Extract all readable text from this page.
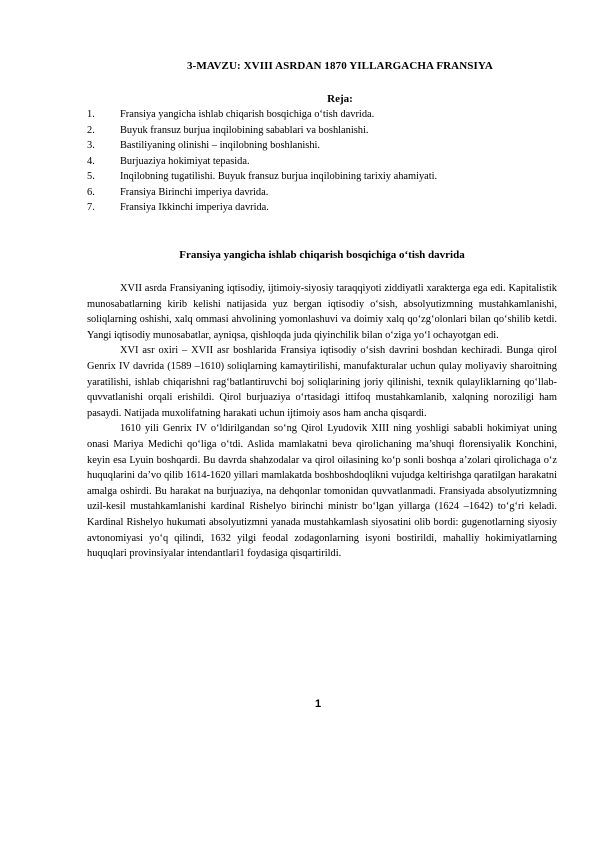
3-MAVZU: XVIII ASRDAN 1870 YILLARGACHA FRANSIYA
Reja:
1.	Fransiya yangicha ishlab chiqarish bosqichiga o‘tish davrida.
2.	Buyuk fransuz burjua inqilobining sabablari va boshlanishi.
3.	Bastiliyaning olinishi – inqilobning boshlanishi.
4.	Burjuaziya hokimiyat tepasida.
5.	Inqilobning tugatilishi. Buyuk fransuz burjua inqilobining tarixiy ahamiyati.
6.	Fransiya Birinchi imperiya davrida.
7.	Fransiya Ikkinchi imperiya davrida.
Fransiya yangicha ishlab chiqarish bosqichiga o‘tish davrida

XVII asrda Fransiyaning iqtisodiy, ijtimoiy-siyosiy taraqqiyoti ziddiyatli xarakterga ega edi. Kapitalistik munosabatlarning kirib kelishi natijasida yuz bergan iqtisodiy o‘sish, absolyutizmning mustahkamlanishi, soliqlarning oshishi, xalq ommasi ahvolining yomonlashuvi va doimiy xalq qo‘zg‘olonlari bilan qo‘shilib ketdi. Yangi iqtisodiy munosabatlar, ayniqsa, qishloqda juda qiyinchilik bilan o‘ziga yo‘l ochayotgan edi.

XVI asr oxiri – XVII asr boshlarida Fransiya iqtisodiy o‘sish davrini boshdan kechiradi. Bunga qirol Genrix IV davrida (1589 –1610) soliqlarning kamaytirilishi, manufakturalar uchun qulay moliyaviy sharoitning yaratilishi, ishlab chiqarishni rag‘batlantiruvchi boj soliqlarining joriy qilinishi, texnik qulayliklarning qo‘llab-quvvatlanishi orqali erishildi. Qirol burjuaziya o‘rtasidagi ittifoq mustahkamlanib, xalqning noroziligi ham pasaydi. Natijada muxolifatning harakati uchun ijtimoiy asos ham ancha qisqardi.

1610 yili Genrix IV o‘ldirilgandan so‘ng Qirol Lyudovik XIII ning yoshligi sababli hokimiyat uning onasi Mariya Medichi qo‘liga o‘tdi. Aslida mamlakatni beva qirolichaning ma’shuqi florensiyalik Konchini, keyin esa Lyuin boshqardi. Bu davrda shahzodalar va qirol oilasining ko‘p sonli boshqa a’zolari qirolichaga o‘z huquqlarini da’vo qilib 1614-1620 yillari mamlakatda boshboshdoqlikni vujudga keltirishga qaratilgan harakatni amalga oshirdi. Bu harakat na burjuaziya, na dehqonlar tomonidan quvvatlanmadi. Fransiyada absolyutizmning uzil-kesil mustahkamlanishi kardinal Rishelyo birinchi ministr bo‘lgan yillarga (1624 –1642) to‘g‘ri keladi. Kardinal Rishelyo hukumati absolyutizmni yanada mustahkamlash siyosatini olib bordi: gugenotlarning siyosiy avtonomiyasi yo‘q qilindi, 1632 yilgi feodal zodagonlarning isyoni bostirildi, mahalliy hokimiyatlarning huquqlari provinsiyalar intendantlari1 foydasiga qisqartirildi.

1
